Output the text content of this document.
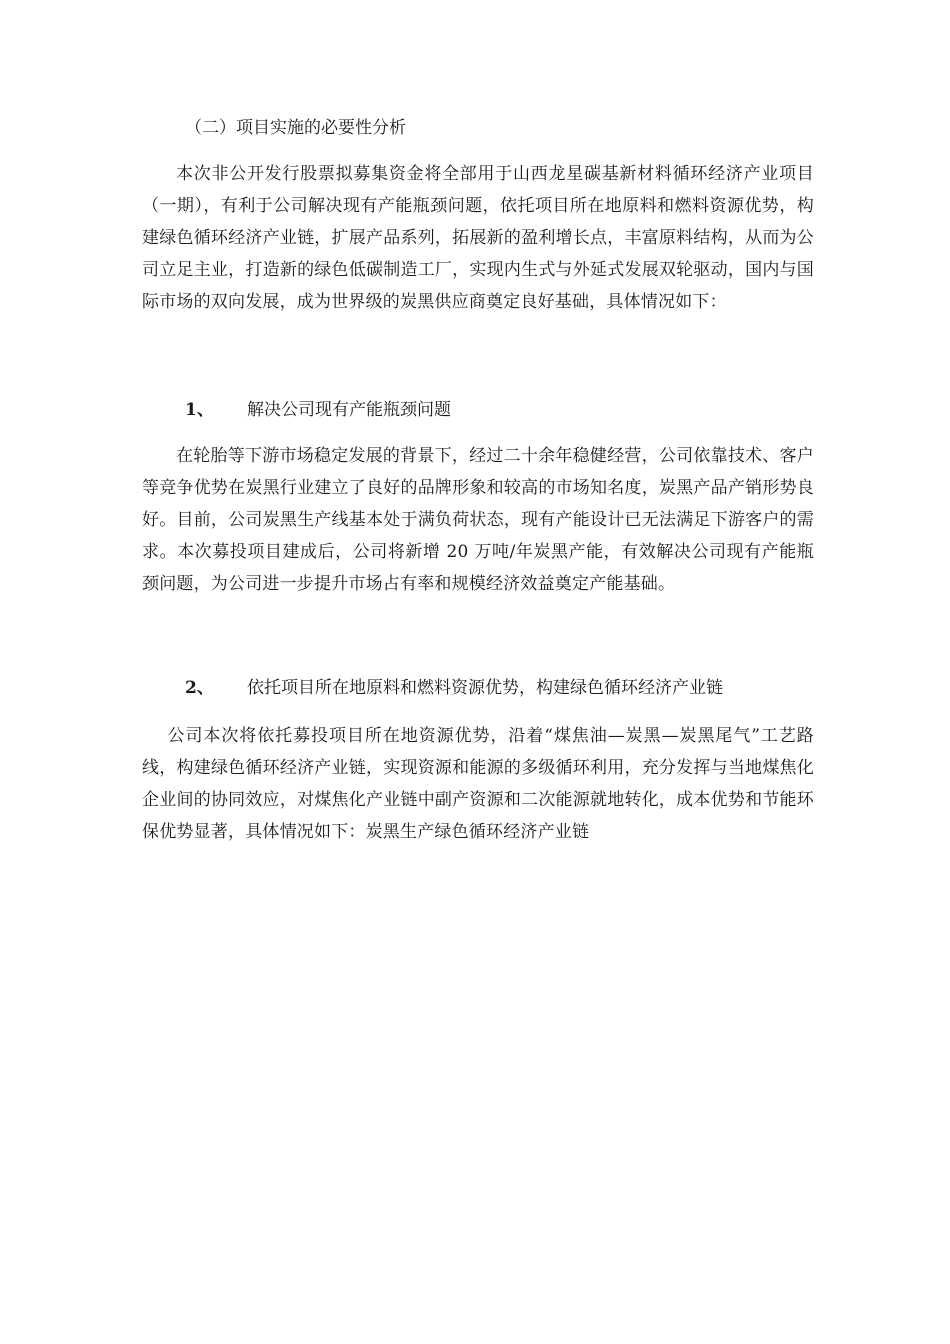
（二）项目实施的必要性分析

本次非公开发行股票拟募集资金将全部用于山西龙星碳基新材料循环经济产业项目（一期），有利于公司解决现有产能瓶颈问题，依托项目所在地原料和燃料资源优势，构建绿色循环经济产业链，扩展产品系列，拓展新的盈利增长点，丰富原料结构，从而为公司立足主业，打造新的绿色低碳制造工厂，实现内生式与外延式发展双轮驱动，国内与国际市场的双向发展，成为世界级的炭黑供应商奠定良好基础，具体情况如下：

1、 解决公司现有产能瓶颈问题

在轮胎等下游市场稳定发展的背景下，经过二十余年稳健经营，公司依靠技术、客户等竞争优势在炭黑行业建立了良好的品牌形象和较高的市场知名度，炭黑产品产销形势良好。目前，公司炭黑生产线基本处于满负荷状态，现有产能设计已无法满足下游客户的需求。本次募投项目建成后，公司将新增 20 万吨/年炭黑产能，有效解决公司现有产能瓶颈问题，为公司进一步提升市场占有率和规模经济效益奠定产能基础。

2、 依托项目所在地原料和燃料资源优势，构建绿色循环经济产业链

公司本次将依托募投项目所在地资源优势，沿着“煤焦油—炭黑—炭黑尾气”工艺路线，构建绿色循环经济产业链，实现资源和能源的多级循环利用，充分发挥与当地煤焦化企业间的协同效应，对煤焦化产业链中副产资源和二次能源就地转化，成本优势和节能环保优势显著，具体情况如下：炭黑生产绿色循环经济产业链
